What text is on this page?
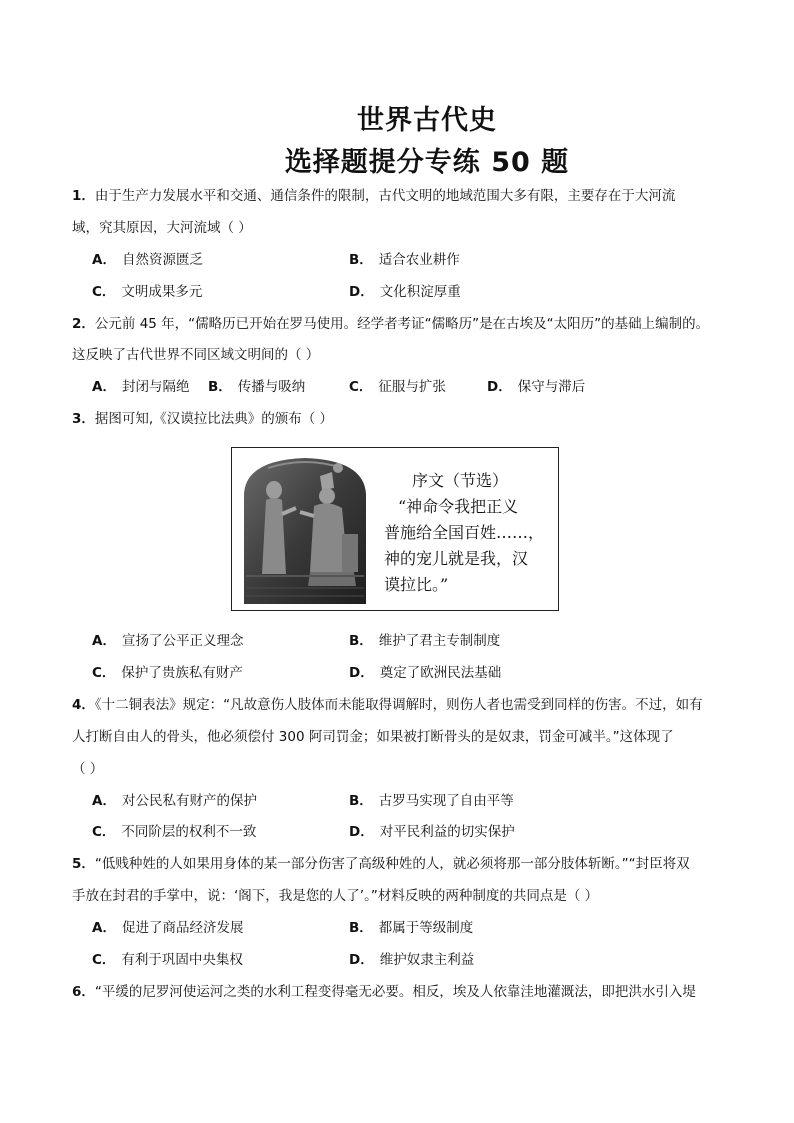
世界古代史
选择题提分专练 50 题
1．由于生产力发展水平和交通、通信条件的限制，古代文明的地域范围大多有限，主要存在于大河流
域，究其原因，大河流域（ ）
A． 自然资源匮乏	B． 适合农业耕作
C． 文明成果多元	D． 文化积淀厚重
2．公元前 45 年，“儒略历已开始在罗马使用。经学者考证“儒略历”是在古埃及“太阳历”的基础上编制的。
这反映了古代世界不同区域文明间的（ ）
A． 封闭与隔绝 B． 传播与吸纳	C． 征服与扩张	D． 保守与滞后
3．据图可知,《汉谟拉比法典》的颁布（ ）
序文（节选）
“神命令我把正义
普施给全国百姓……，
神的宠儿就是我，汉
谟拉比。”
A． 宣扬了公平正义理念	B． 维护了君主专制制度
C． 保护了贵族私有财产	D． 奠定了欧洲民法基础
4．《十二铜表法》规定：“凡故意伤人肢体而未能取得调解时，则伤人者也需受到同样的伤害。不过，如有
人打断自由人的骨头，他必须偿付 300 阿司罚金；如果被打断骨头的是奴隶，罚金可减半。”这体现了
（ ）
A． 对公民私有财产的保护	B． 古罗马实现了自由平等
C． 不同阶层的权利不一致	D． 对平民利益的切实保护
5．“低贱种姓的人如果用身体的某一部分伤害了高级种姓的人，就必须将那一部分肢体斩断。”“封臣将双
手放在封君的手掌中，说：‘阁下，我是您的人了’。”材料反映的两种制度的共同点是（ ）
A． 促进了商品经济发展	B． 都属于等级制度
C． 有利于巩固中央集权	D． 维护奴隶主利益
6．“平缓的尼罗河使运河之类的水利工程变得毫无必要。相反，埃及人依靠洼地灌溉法，即把洪水引入堤
